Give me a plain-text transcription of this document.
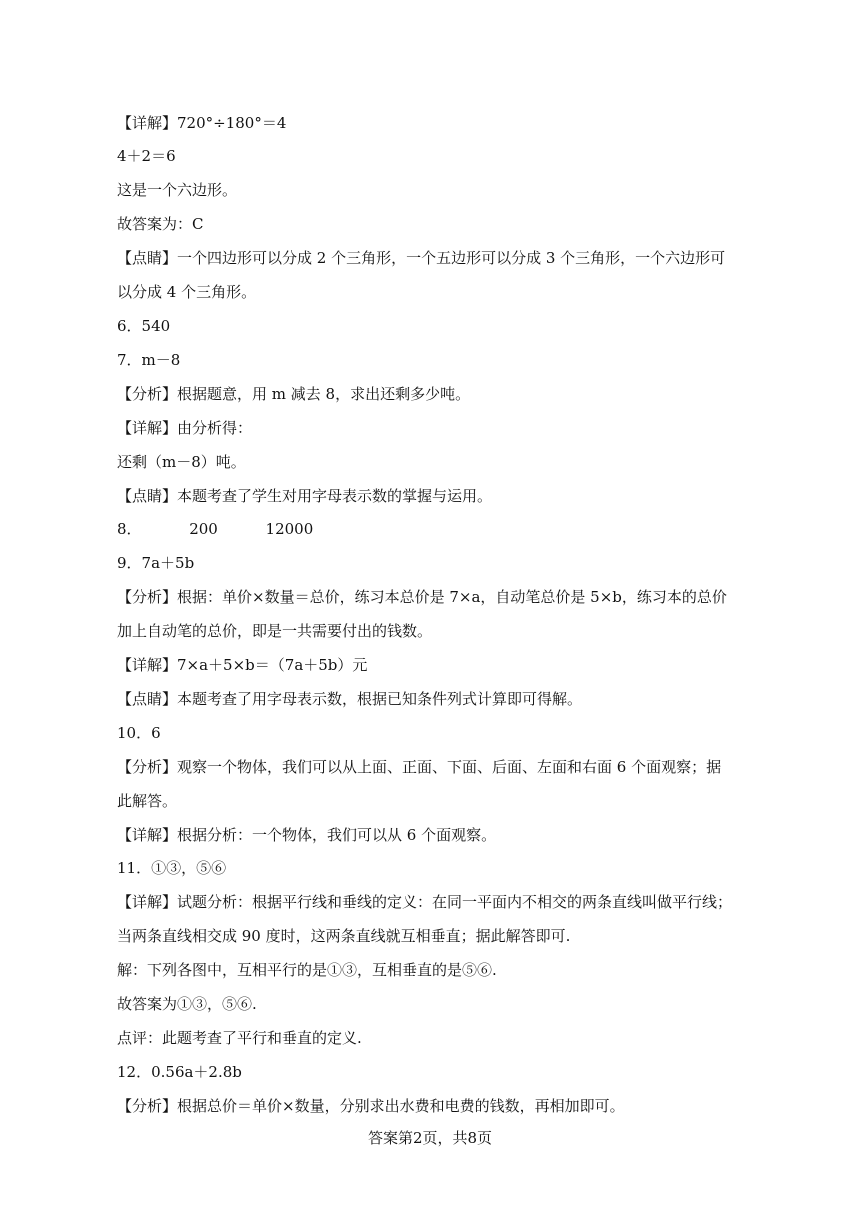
【详解】720°÷180°＝4
4＋2＝6
这是一个六边形。
故答案为：C
【点睛】一个四边形可以分成 2 个三角形，一个五边形可以分成 3 个三角形，一个六边形可
以分成 4 个三角形。
6．540
7．m－8
【分析】根据题意，用 m 减去 8，求出还剩多少吨。
【详解】由分析得：
还剩（m－8）吨。
【点睛】本题考查了学生对用字母表示数的掌握与运用。
8．          200          12000
9．7a＋5b
【分析】根据：单价×数量＝总价，练习本总价是 7×a，自动笔总价是 5×b，练习本的总价
加上自动笔的总价，即是一共需要付出的钱数。
【详解】7×a＋5×b＝（7a＋5b）元
【点睛】本题考查了用字母表示数，根据已知条件列式计算即可得解。
10．6
【分析】观察一个物体，我们可以从上面、正面、下面、后面、左面和右面 6 个面观察；据
此解答。
【详解】根据分析：一个物体，我们可以从 6 个面观察。
11．①③，⑤⑥
【详解】试题分析：根据平行线和垂线的定义：在同一平面内不相交的两条直线叫做平行线；
当两条直线相交成 90 度时，这两条直线就互相垂直；据此解答即可.
解：下列各图中，互相平行的是①③，互相垂直的是⑤⑥.
故答案为①③，⑤⑥.
点评：此题考查了平行和垂直的定义.
12．0.56a＋2.8b
【分析】根据总价＝单价×数量，分别求出水费和电费的钱数，再相加即可。
答案第2页，共8页
